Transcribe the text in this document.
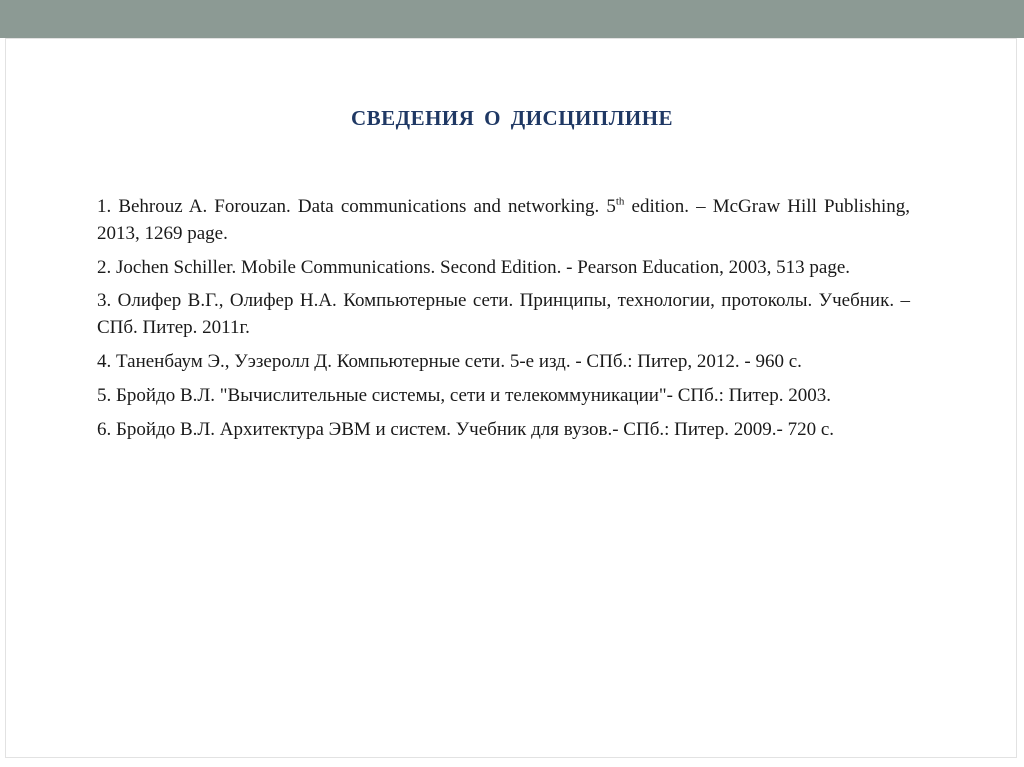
СВЕДЕНИЯ О ДИСЦИПЛИНЕ
1. Behrouz A. Forouzan. Data communications and networking. 5th edition. – McGraw Hill Publishing, 2013, 1269 page.
2. Jochen Schiller. Mobile Communications. Second Edition. - Pearson Education, 2003, 513 page.
3. Олифер В.Г., Олифер Н.А. Компьютерные сети. Принципы, технологии, протоколы. Учебник. – СПб. Питер. 2011г.
4. Таненбаум Э., Уэзеролл Д. Компьютерные сети. 5-е изд. - СПб.: Питер, 2012. - 960 с.
5. Бройдо В.Л. "Вычислительные системы, сети и телекоммуникации"- СПб.: Питер. 2003.
6. Бройдо В.Л. Архитектура ЭВМ и систем. Учебник для вузов.- СПб.: Питер. 2009.- 720 с.
